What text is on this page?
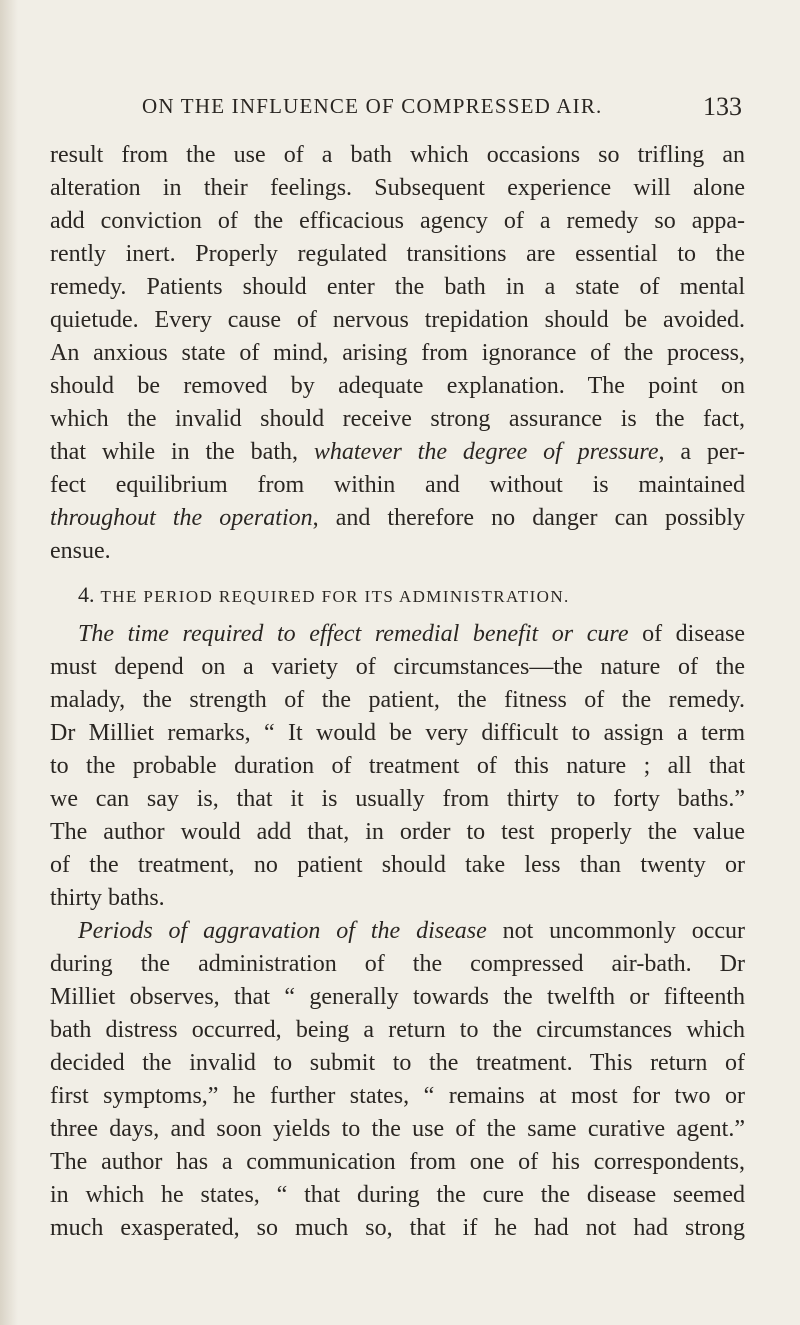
ON THE INFLUENCE OF COMPRESSED AIR.	133
result from the use of a bath which occasions so trifling an
alteration in their feelings. Subsequent experience will alone
add conviction of the efficacious agency of a remedy so appa-
rently inert. Properly regulated transitions are essential to the
remedy. Patients should enter the bath in a state of mental
quietude. Every cause of nervous trepidation should be avoided.
An anxious state of mind, arising from ignorance of the process,
should be removed by adequate explanation. The point on
which the invalid should receive strong assurance is the fact,
that while in the bath, whatever the degree of pressure, a per-
fect equilibrium from within and without is maintained
throughout the operation, and therefore no danger can possibly
ensue.
4. THE PERIOD REQUIRED FOR ITS ADMINISTRATION.
The time required to effect remedial benefit or cure of disease
must depend on a variety of circumstances—the nature of the
malady, the strength of the patient, the fitness of the remedy.
Dr Milliet remarks, “ It would be very difficult to assign a term
to the probable duration of treatment of this nature ; all that
we can say is, that it is usually from thirty to forty baths.”
The author would add that, in order to test properly the value
of the treatment, no patient should take less than twenty or
thirty baths.
Periods of aggravation of the disease not uncommonly occur
during the administration of the compressed air-bath. Dr
Milliet observes, that “ generally towards the twelfth or fifteenth
bath distress occurred, being a return to the circumstances which
decided the invalid to submit to the treatment. This return of
first symptoms,” he further states, “ remains at most for two or
three days, and soon yields to the use of the same curative agent.”
The author has a communication from one of his correspondents,
in which he states, “ that during the cure the disease seemed
much exasperated, so much so, that if he had not had strong
